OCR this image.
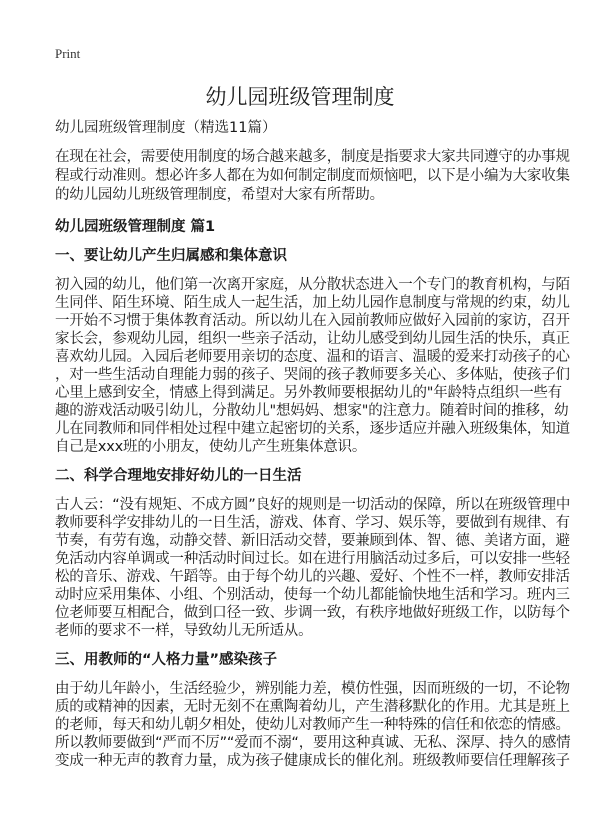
Print
幼儿园班级管理制度
幼儿园班级管理制度（精选11篇）
在现在社会，需要使用制度的场合越来越多，制度是指要求大家共同遵守的办事规
程或行动准则。想必许多人都在为如何制定制度而烦恼吧，以下是小编为大家收集
的幼儿园幼儿班级管理制度，希望对大家有所帮助。
幼儿园班级管理制度 篇1
一、要让幼儿产生归属感和集体意识
初入园的幼儿，他们第一次离开家庭，从分散状态进入一个专门的教育机构，与陌
生同伴、陌生环境、陌生成人一起生活，加上幼儿园作息制度与常规的约束，幼儿
一开始不习惯于集体教育活动。所以幼儿在入园前教师应做好入园前的家访，召开
家长会，参观幼儿园，组织一些亲子活动，让幼儿感受到幼儿园生活的快乐，真正
喜欢幼儿园。入园后老师要用亲切的态度、温和的语言、温暖的爱来打动孩子的心
，对一些生活动自理能力弱的孩子、哭闹的孩子教师要多关心、多体贴，使孩子们
心里上感到安全，情感上得到满足。另外教师要根据幼儿的"年龄特点组织一些有
趣的游戏活动吸引幼儿，分散幼儿"想妈妈、想家"的注意力。随着时间的推移，幼
儿在同教师和同伴相处过程中建立起密切的关系，逐步适应并融入班级集体，知道
自己是xxx班的小朋友，使幼儿产生班集体意识。
二、科学合理地安排好幼儿的一日生活
古人云：“没有规矩、不成方圆”良好的规则是一切活动的保障，所以在班级管理中
教师要科学安排幼儿的一日生活，游戏、体育、学习、娱乐等，要做到有规律、有
节奏，有劳有逸，动静交替、新旧活动交替，要兼顾到体、智、德、美诸方面，避
免活动内容单调或一种活动时间过长。如在进行用脑活动过多后，可以安排一些轻
松的音乐、游戏、午蹈等。由于每个幼儿的兴趣、爱好、个性不一样，教师安排活
动时应采用集体、小组、个别活动，使每一个幼儿都能愉快地生活和学习。班内三
位老师要互相配合，做到口径一致、步调一致，有秩序地做好班级工作，以防每个
老师的要求不一样，导致幼儿无所适从。
三、用教师的“人格力量”感染孩子
由于幼儿年龄小，生活经验少，辨别能力差，模仿性强，因而班级的一切，不论物
质的或精神的因素，无时无刻不在熏陶着幼儿，产生潜移默化的作用。尤其是班上
的老师，每天和幼儿朝夕相处，使幼儿对教师产生一种特殊的信任和依恋的情感。
所以教师要做到“严而不厉”“爱而不溺“，要用这种真诚、无私、深厚、持久的感情
变成一种无声的教育力量，成为孩子健康成长的催化剂。班级教师要信任理解孩子
